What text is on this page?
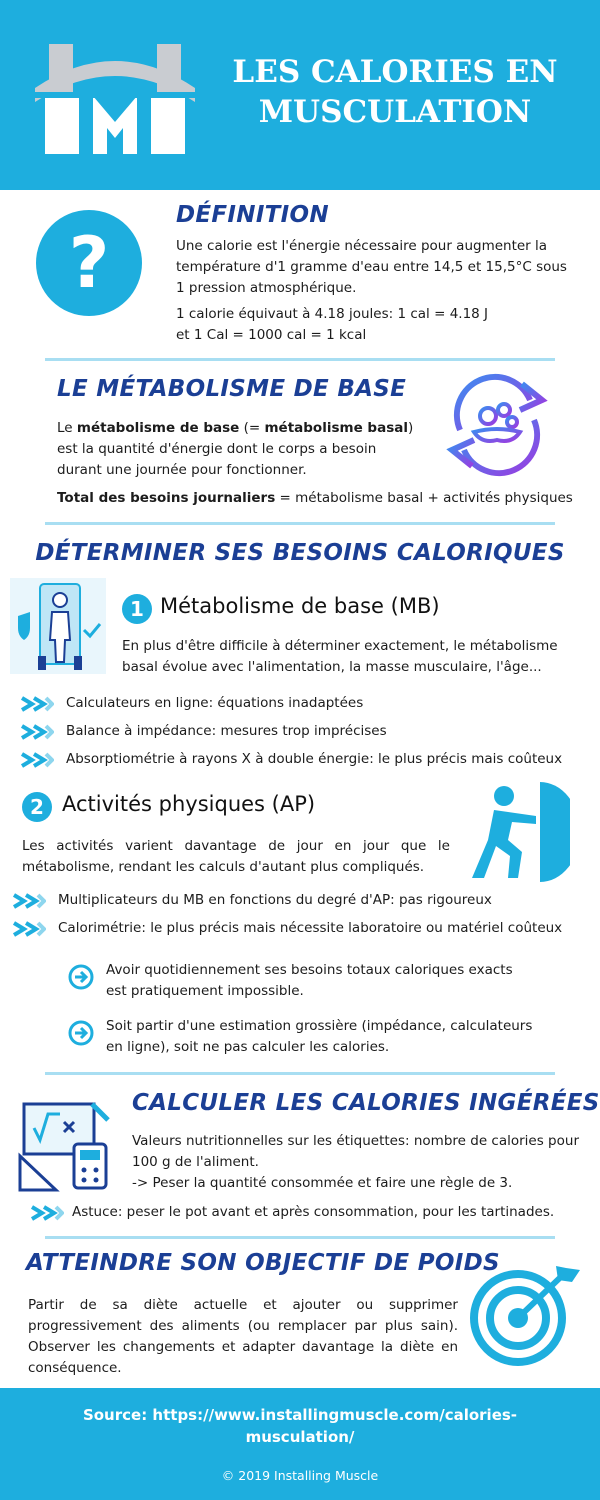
LES CALORIES EN
MUSCULATION
?
DÉFINITION
Une calorie est l'énergie nécessaire pour augmenter la température d'1 gramme d'eau entre 14,5 et 15,5°C sous 1 pression atmosphérique.
1 calorie équivaut à 4.18 joules: 1 cal = 4.18 J
et 1 Cal = 1000 cal = 1 kcal
LE MÉTABOLISME DE BASE
Le métabolisme de base (= métabolisme basal) est la quantité d'énergie dont le corps a besoin durant une journée pour fonctionner.
Total des besoins journaliers = métabolisme basal + activités physiques
DÉTERMINER SES BESOINS CALORIQUES
1 Métabolisme de base (MB)
En plus d'être difficile à déterminer exactement, le métabolisme basal évolue avec l'alimentation, la masse musculaire, l'âge...
Calculateurs en ligne: équations inadaptées
Balance à impédance: mesures trop imprécises
Absorptiométrie à rayons X à double énergie: le plus précis mais coûteux
2 Activités physiques (AP)
Les activités varient davantage de jour en jour que le métabolisme, rendant les calculs d'autant plus compliqués.
Multiplicateurs du MB en fonctions du degré d'AP: pas rigoureux
Calorimétrie: le plus précis mais nécessite laboratoire ou matériel coûteux
Avoir quotidiennement ses besoins totaux caloriques exacts est pratiquement impossible.
Soit partir d'une estimation grossière (impédance, calculateurs en ligne), soit ne pas calculer les calories.
CALCULER LES CALORIES INGÉRÉES
Valeurs nutritionnelles sur les étiquettes: nombre de calories pour 100 g de l'aliment.
-> Peser la quantité consommée et faire une règle de 3.
Astuce: peser le pot avant et après consommation, pour les tartinades.
ATTEINDRE SON OBJECTIF DE POIDS
Partir de sa diète actuelle et ajouter ou supprimer progressivement des aliments (ou remplacer par plus sain). Observer les changements et adapter davantage la diète en conséquence.
Source: https://www.installingmuscle.com/calories-musculation/
© 2019 Installing Muscle
